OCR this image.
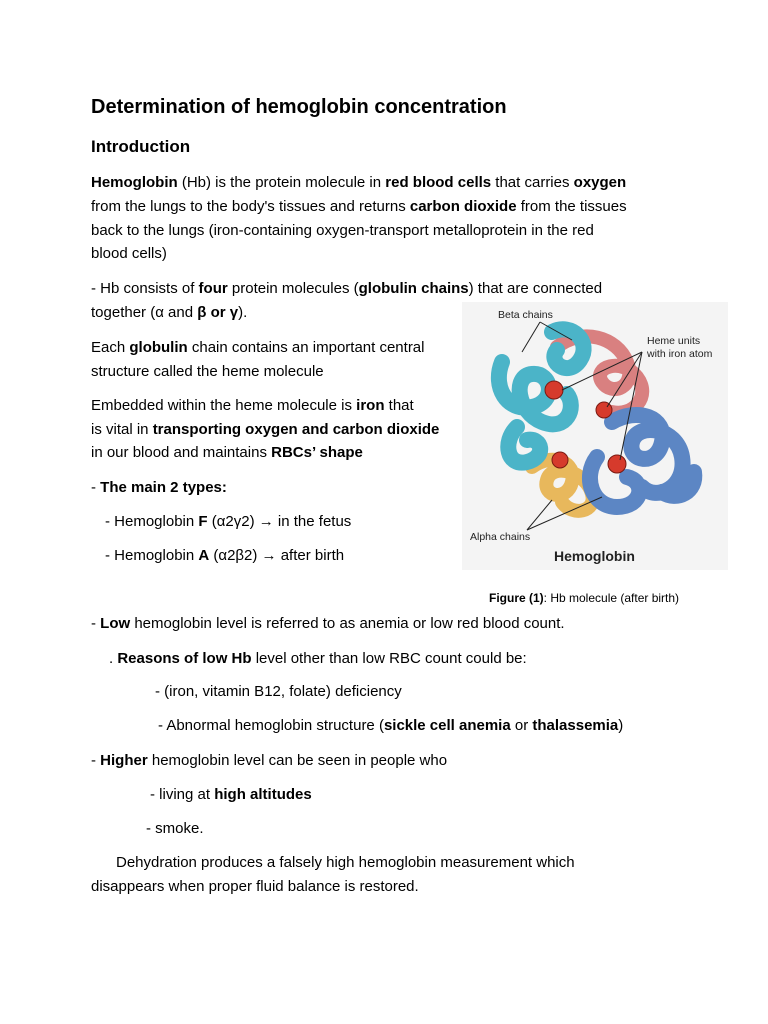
Determination of hemoglobin concentration
Introduction
Hemoglobin (Hb) is the protein molecule in red blood cells that carries oxygen
from the lungs to the body's tissues and returns carbon dioxide from the tissues
back to the lungs (iron-containing oxygen-transport metalloprotein in the red
blood cells)
- Hb consists of four protein molecules (globulin chains) that are connected
together (α and β or γ).
Each globulin chain contains an important central
structure called the heme molecule
Embedded within the heme molecule is iron that
is vital in transporting oxygen and carbon dioxide
in our blood and maintains RBCs’ shape
- The main 2 types:
- Hemoglobin F (α2γ2) → in the fetus
- Hemoglobin A (α2β2) → after birth
Beta chains
Heme units
with iron atom
Alpha chains
Hemoglobin
Figure (1): Hb molecule (after birth)
- Low hemoglobin level is referred to as anemia or low red blood count.
. Reasons of low Hb level other than low RBC count could be:
- (iron, vitamin B12, folate) deficiency
- Abnormal hemoglobin structure (sickle cell anemia or thalassemia)
- Higher hemoglobin level can be seen in people who
- living at high altitudes
- smoke.
Dehydration produces a falsely high hemoglobin measurement which
disappears when proper fluid balance is restored.
